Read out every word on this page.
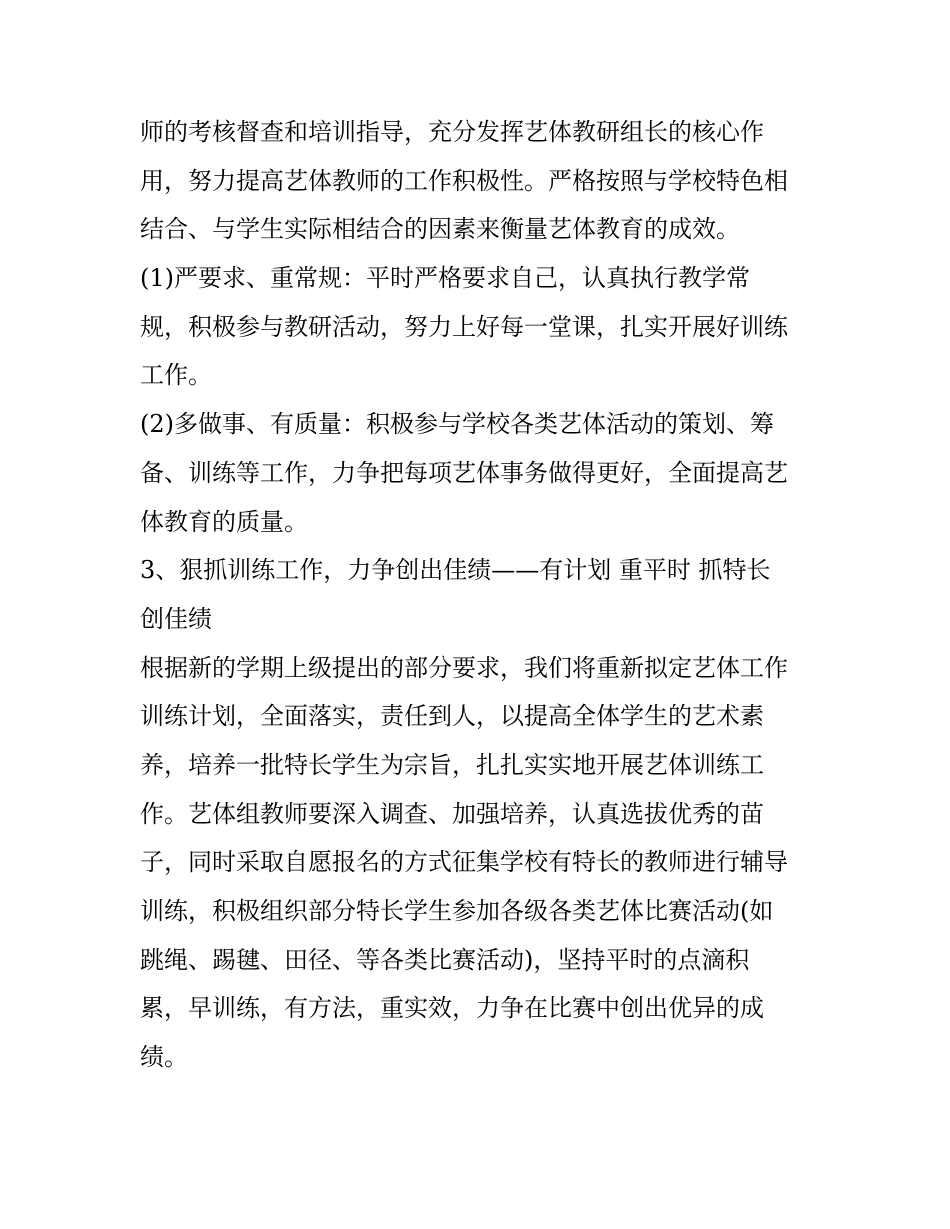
师的考核督查和培训指导，充分发挥艺体教研组长的核心作
用，努力提高艺体教师的工作积极性。严格按照与学校特色相
结合、与学生实际相结合的因素来衡量艺体教育的成效。
(1)严要求、重常规：平时严格要求自己，认真执行教学常
规，积极参与教研活动，努力上好每一堂课，扎实开展好训练
工作。
(2)多做事、有质量：积极参与学校各类艺体活动的策划、筹
备、训练等工作，力争把每项艺体事务做得更好，全面提高艺
体教育的质量。
3、狠抓训练工作，力争创出佳绩——有计划 重平时 抓特长
创佳绩
根据新的学期上级提出的部分要求，我们将重新拟定艺体工作
训练计划，全面落实，责任到人，以提高全体学生的艺术素
养，培养一批特长学生为宗旨，扎扎实实地开展艺体训练工
作。艺体组教师要深入调查、加强培养，认真选拔优秀的苗
子，同时采取自愿报名的方式征集学校有特长的教师进行辅导
训练，积极组织部分特长学生参加各级各类艺体比赛活动(如
跳绳、踢毽、田径、等各类比赛活动)，坚持平时的点滴积
累，早训练，有方法，重实效，力争在比赛中创出优异的成
绩。
